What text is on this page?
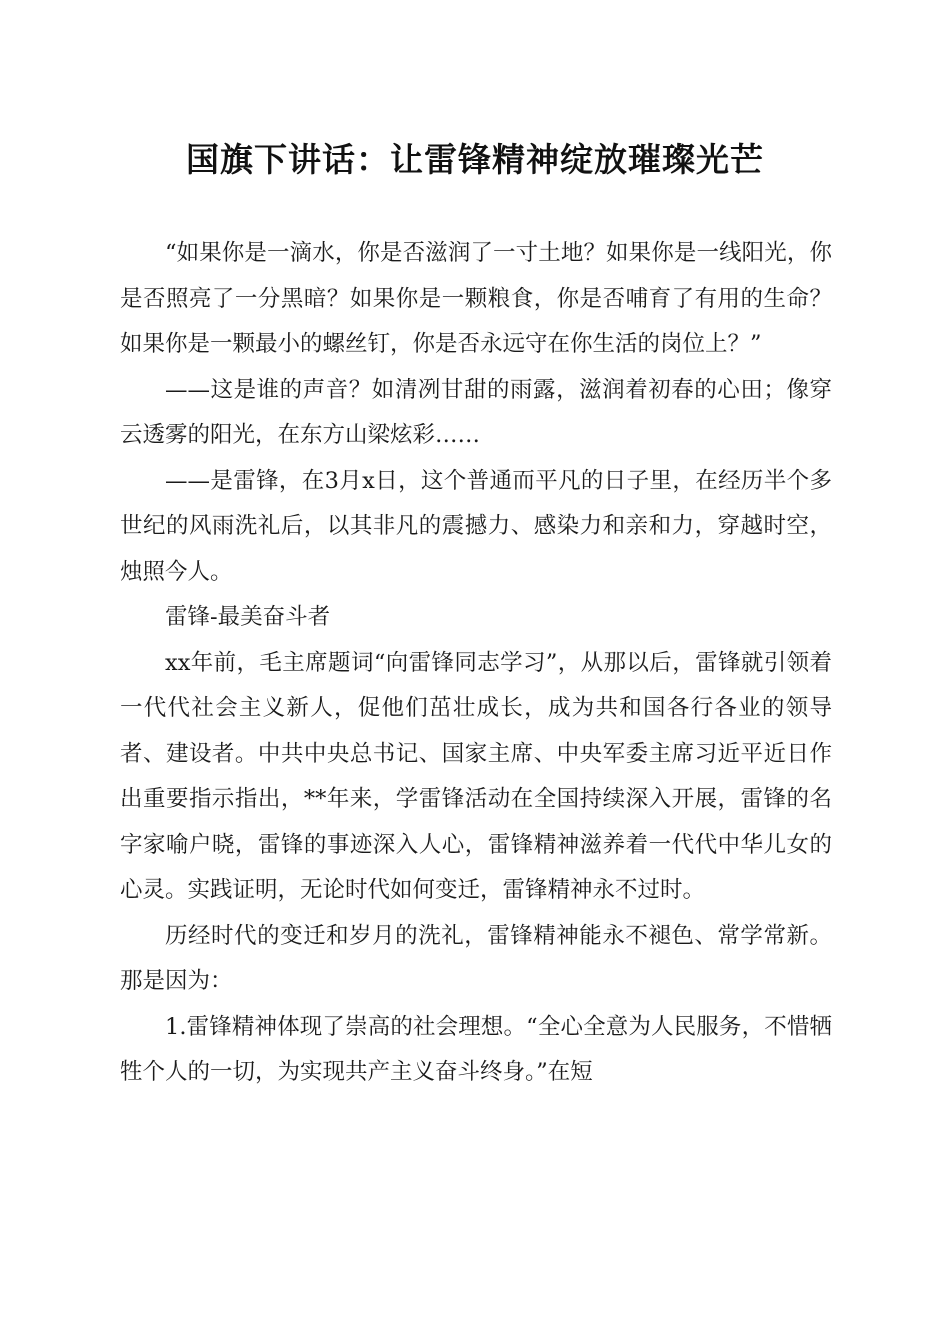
国旗下讲话：让雷锋精神绽放璀璨光芒

“如果你是一滴水，你是否滋润了一寸土地？如果你是一线阳光，你是否照亮了一分黑暗？如果你是一颗粮食，你是否哺育了有用的生命？如果你是一颗最小的螺丝钉，你是否永远守在你生活的岗位上？”

——这是谁的声音？如清冽甘甜的雨露，滋润着初春的心田；像穿云透雾的阳光，在东方山梁炫彩……

——是雷锋，在3月x日，这个普通而平凡的日子里，在经历半个多世纪的风雨洗礼后，以其非凡的震撼力、感染力和亲和力，穿越时空，烛照今人。

雷锋-最美奋斗者

xx年前，毛主席题词“向雷锋同志学习”，从那以后，雷锋就引领着一代代社会主义新人，促他们茁壮成长，成为共和国各行各业的领导者、建设者。中共中央总书记、国家主席、中央军委主席习近平近日作出重要指示指出，**年来，学雷锋活动在全国持续深入开展，雷锋的名字家喻户晓，雷锋的事迹深入人心，雷锋精神滋养着一代代中华儿女的心灵。实践证明，无论时代如何变迁，雷锋精神永不过时。

历经时代的变迁和岁月的洗礼，雷锋精神能永不褪色、常学常新。那是因为：

1.雷锋精神体现了崇高的社会理想。“全心全意为人民服务，不惜牺牲个人的一切，为实现共产主义奋斗终身。”在短
